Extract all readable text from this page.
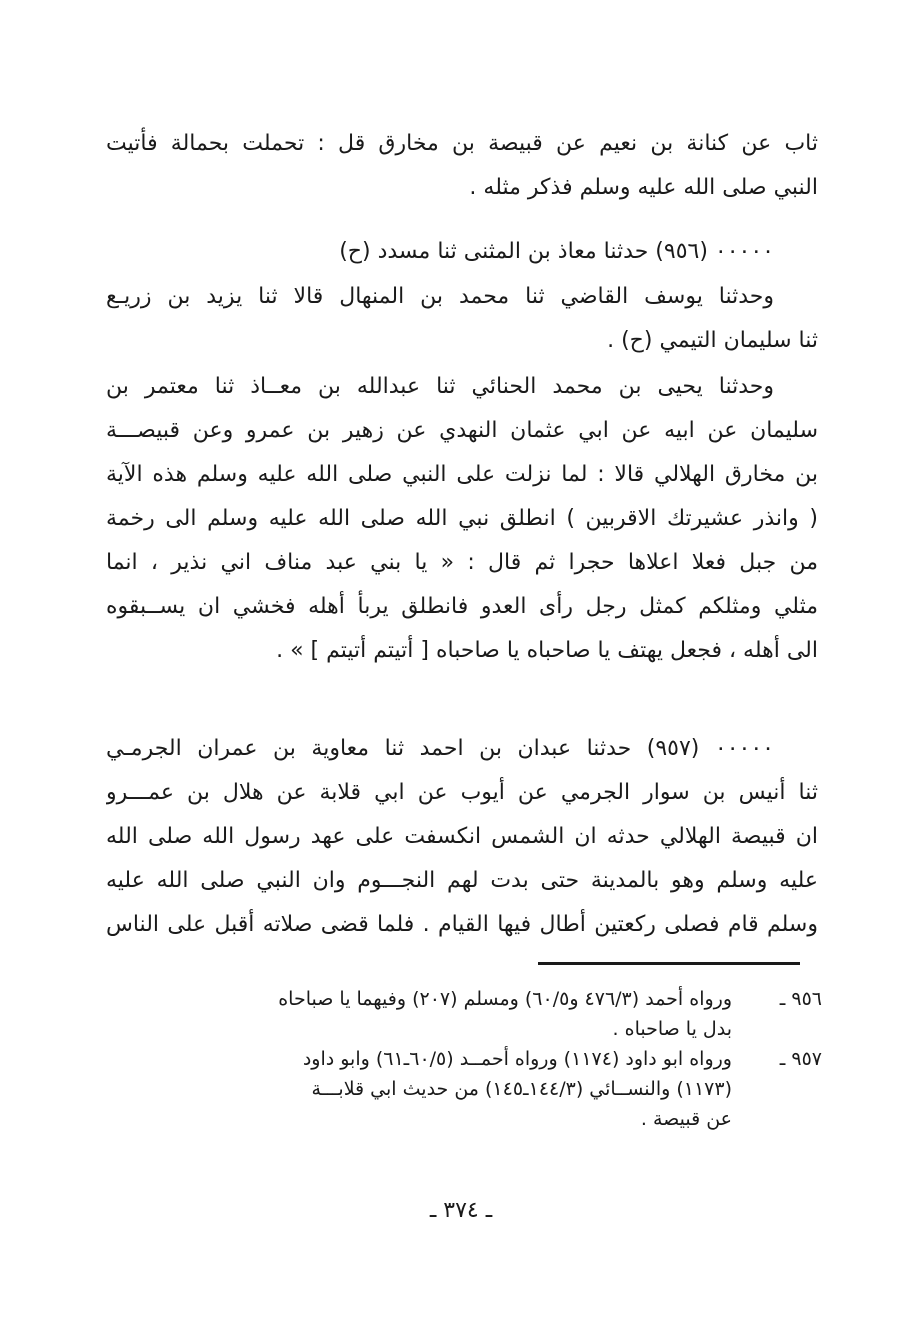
ثاب عن كنانة بن نعيم عن قبيصة بن مخارق قل : تحملت بحمالة فأتيت
النبي صلى الله عليه وسلم فذكر مثله .
٠٠٠٠٠ (٩٥٦) حدثنا معاذ بن المثنى ثنا مسدد (ح)
وحدثنا يوسف القاضي ثنا محمد بن المنهال قالا ثنا يزيد بن زريـع
ثنا سليمان التيمي (ح) .
وحدثنا يحيى بن محمد الحنائي ثنا عبدالله بن معــاذ ثنا معتمر بن
سليمان عن ابيه عن ابي عثمان النهدي عن زهير بن عمرو وعن قبيصـــة
بن مخارق الهلالي قالا : لما نزلت على النبي صلى الله عليه وسلم هذه الآية
( وانذر عشيرتك الاقربين ) انطلق نبي الله صلى الله عليه وسلم الى رخمة
من جبل فعلا اعلاها حجرا ثم قال : « يا بني عبد مناف اني نذير ، انما
مثلي ومثلكم كمثل رجل رأى العدو فانطلق يربأ أهله فخشي ان يســبقوه
الى أهله ، فجعل يهتف يا صاحباه يا صاحباه [ أتيتم أتيتم ] » .
٠٠٠٠٠ (٩٥٧) حدثنا عبدان بن احمد ثنا معاوية بن عمران الجرمـي
ثنا أنيس بن سوار الجرمي عن أيوب عن ابي قلابة عن هلال بن عمـــرو
ان قبيصة الهلالي حدثه ان الشمس انكسفت على عهد رسول الله صلى الله
عليه وسلم وهو بالمدينة حتى بدت لهم النجـــوم وان النبي صلى الله عليه
وسلم قام فصلى ركعتين أطال فيها القيام . فلما قضى صلاته أقبل على الناس
٩٥٦ ـ
ورواه أحمد (٤٧٦/٣ و٦٠/٥) ومسلم (٢٠٧) وفيهما يا صباحاه
بدل يا صاحباه .
٩٥٧ ـ
ورواه ابو داود (١١٧٤) ورواه أحمــد (٦٠/٥ـ٦١) وابو داود
(١١٧٣) والنســائي (١٤٤/٣ـ١٤٥) من حديث ابي قلابـــة
عن قبيصة .
ـ ٣٧٤ ـ
